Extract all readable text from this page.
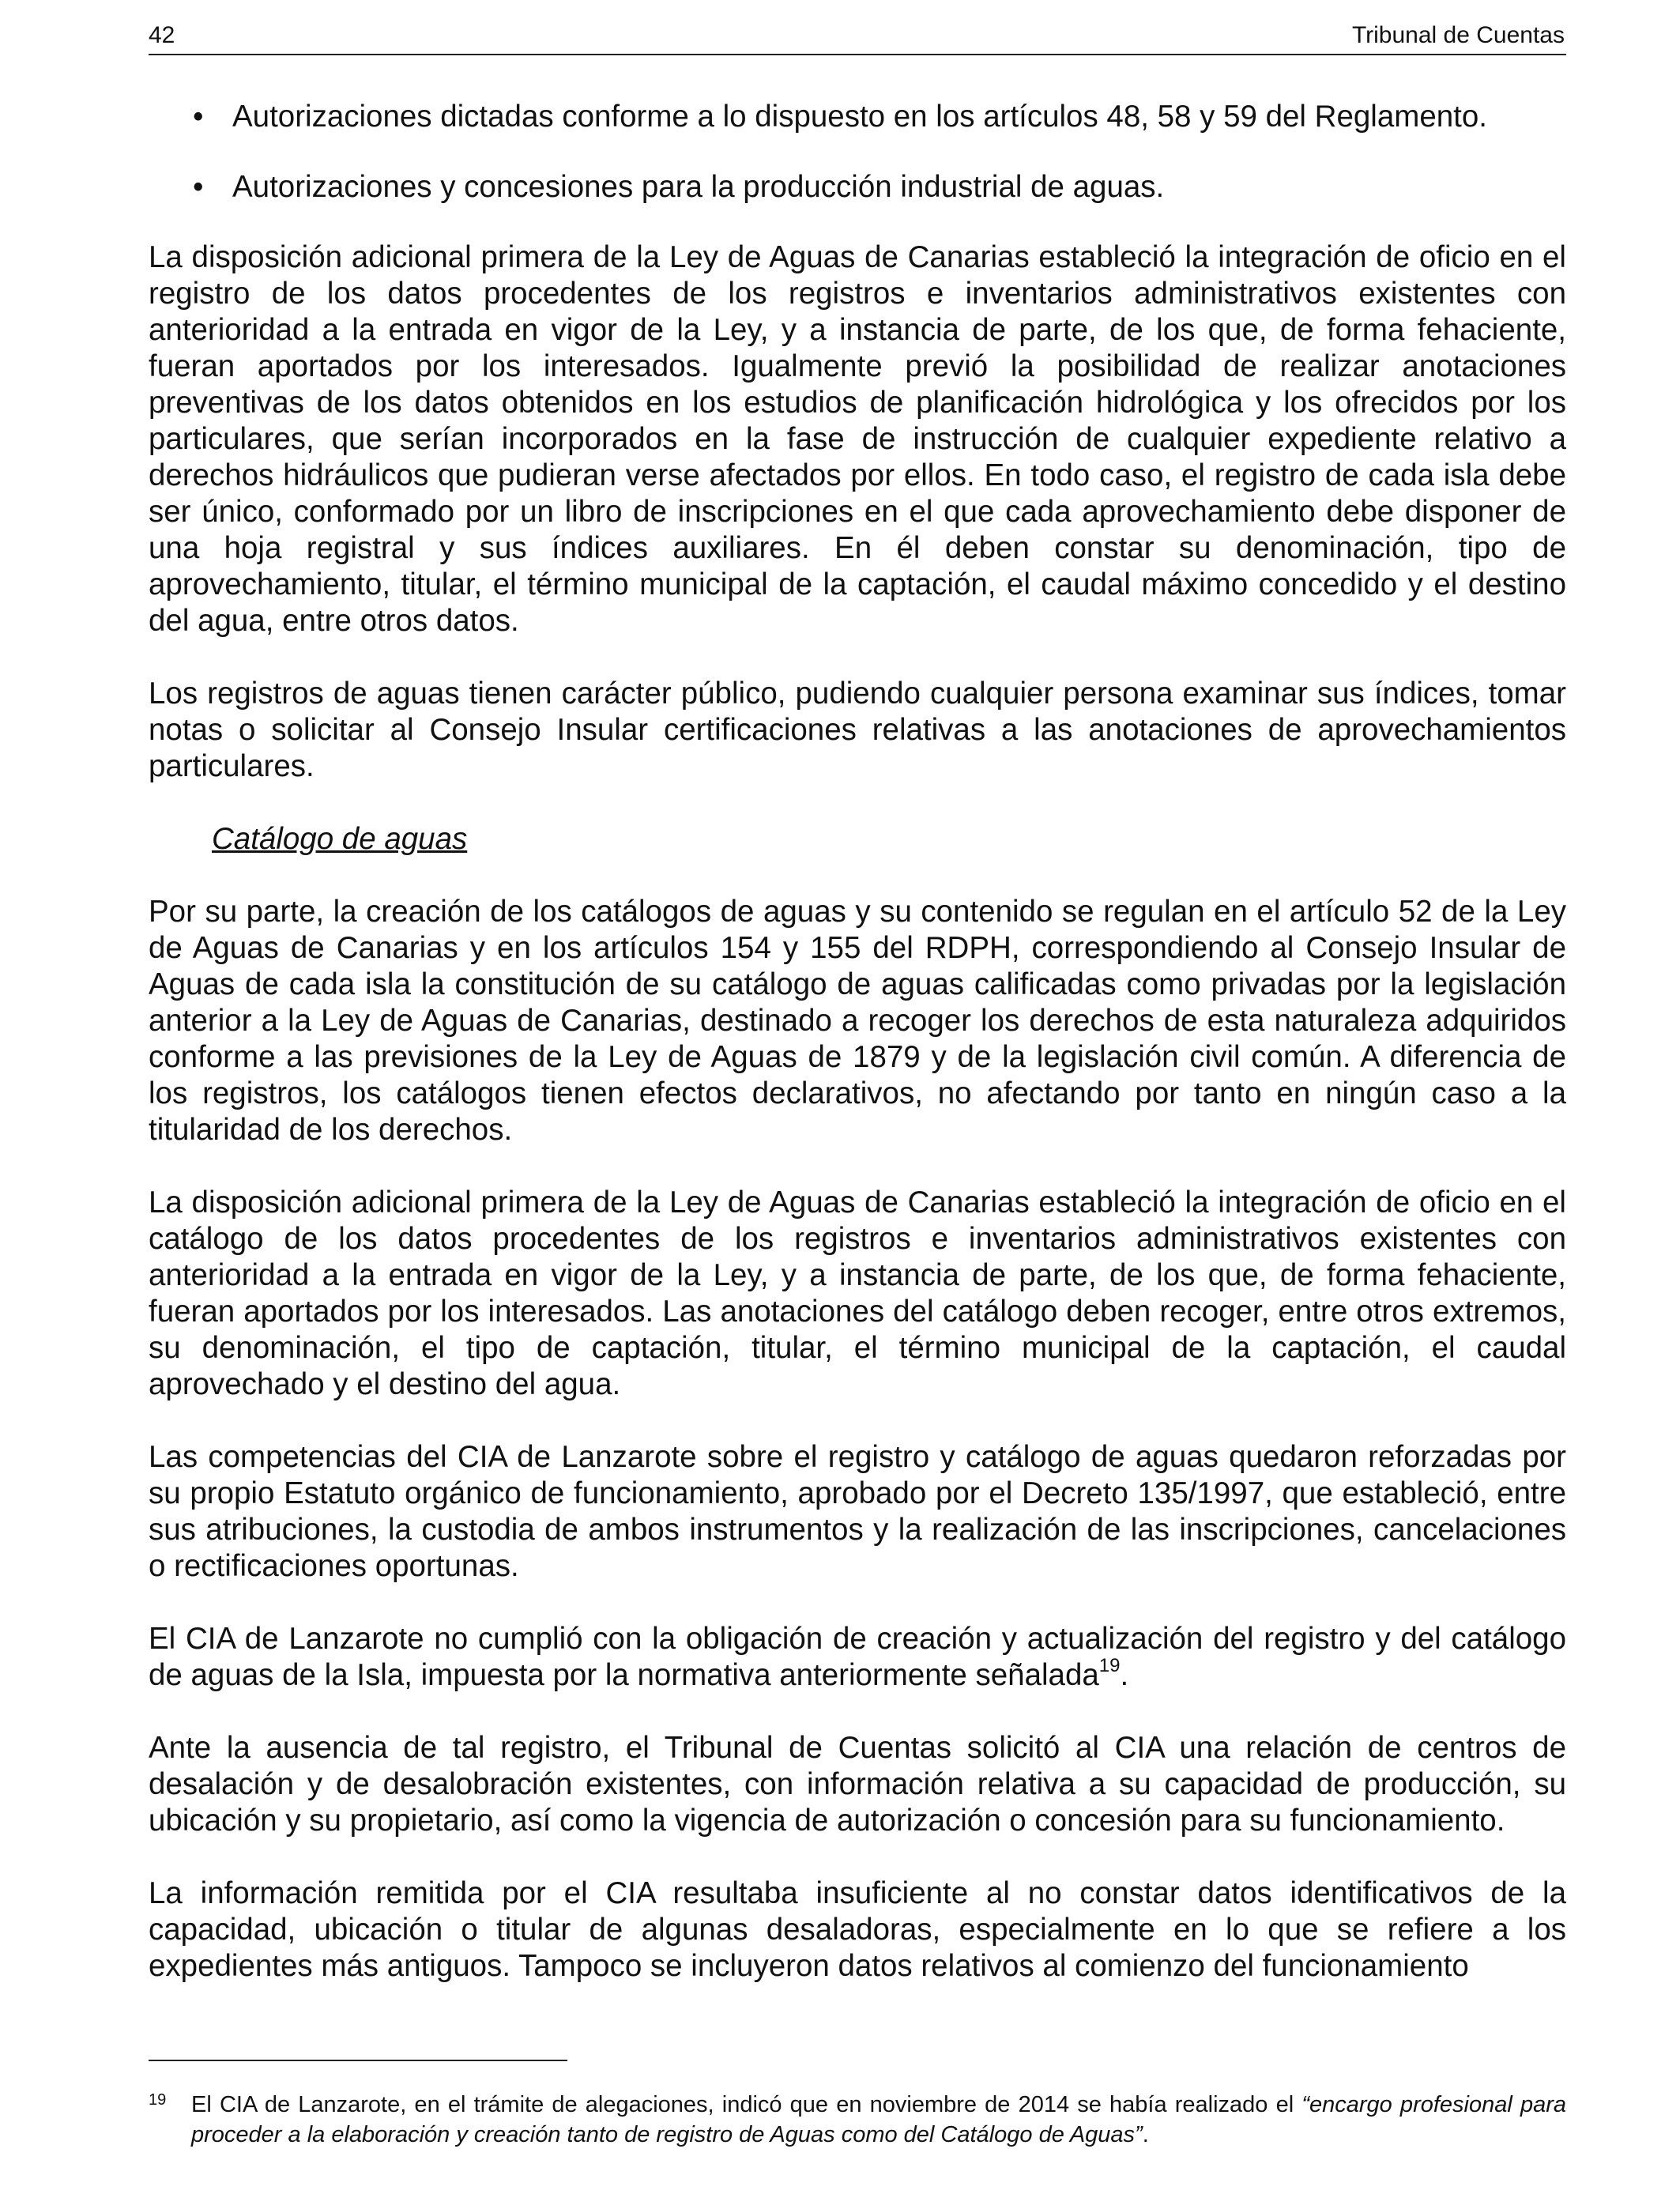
42	Tribunal de Cuentas
• Autorizaciones dictadas conforme a lo dispuesto en los artículos 48, 58 y 59 del Reglamento.
• Autorizaciones y concesiones para la producción industrial de aguas.

La disposición adicional primera de la Ley de Aguas de Canarias estableció la integración de oficio en el registro de los datos procedentes de los registros e inventarios administrativos existentes con anterioridad a la entrada en vigor de la Ley, y a instancia de parte, de los que, de forma fehaciente, fueran aportados por los interesados. Igualmente previó la posibilidad de realizar anotaciones preventivas de los datos obtenidos en los estudios de planificación hidrológica y los ofrecidos por los particulares, que serían incorporados en la fase de instrucción de cualquier expediente relativo a derechos hidráulicos que pudieran verse afectados por ellos. En todo caso, el registro de cada isla debe ser único, conformado por un libro de inscripciones en el que cada aprovechamiento debe disponer de una hoja registral y sus índices auxiliares. En él deben constar su denominación, tipo de aprovechamiento, titular, el término municipal de la captación, el caudal máximo concedido y el destino del agua, entre otros datos.

Los registros de aguas tienen carácter público, pudiendo cualquier persona examinar sus índices, tomar notas o solicitar al Consejo Insular certificaciones relativas a las anotaciones de aprovechamientos particulares.

Catálogo de aguas

Por su parte, la creación de los catálogos de aguas y su contenido se regulan en el artículo 52 de la Ley de Aguas de Canarias y en los artículos 154 y 155 del RDPH, correspondiendo al Consejo Insular de Aguas de cada isla la constitución de su catálogo de aguas calificadas como privadas por la legislación anterior a la Ley de Aguas de Canarias, destinado a recoger los derechos de esta naturaleza adquiridos conforme a las previsiones de la Ley de Aguas de 1879 y de la legislación civil común. A diferencia de los registros, los catálogos tienen efectos declarativos, no afectando por tanto en ningún caso a la titularidad de los derechos.

La disposición adicional primera de la Ley de Aguas de Canarias estableció la integración de oficio en el catálogo de los datos procedentes de los registros e inventarios administrativos existentes con anterioridad a la entrada en vigor de la Ley, y a instancia de parte, de los que, de forma fehaciente, fueran aportados por los interesados. Las anotaciones del catálogo deben recoger, entre otros extremos, su denominación, el tipo de captación, titular, el término municipal de la captación, el caudal aprovechado y el destino del agua.

Las competencias del CIA de Lanzarote sobre el registro y catálogo de aguas quedaron reforzadas por su propio Estatuto orgánico de funcionamiento, aprobado por el Decreto 135/1997, que estableció, entre sus atribuciones, la custodia de ambos instrumentos y la realización de las inscripciones, cancelaciones o rectificaciones oportunas.

El CIA de Lanzarote no cumplió con la obligación de creación y actualización del registro y del catálogo de aguas de la Isla, impuesta por la normativa anteriormente señalada$^{19}$.

Ante la ausencia de tal registro, el Tribunal de Cuentas solicitó al CIA una relación de centros de desalación y de desalobración existentes, con información relativa a su capacidad de producción, su ubicación y su propietario, así como la vigencia de autorización o concesión para su funcionamiento.

La información remitida por el CIA resultaba insuficiente al no constar datos identificativos de la capacidad, ubicación o titular de algunas desaladoras, especialmente en lo que se refiere a los expedientes más antiguos. Tampoco se incluyeron datos relativos al comienzo del funcionamiento

19	El CIA de Lanzarote, en el trámite de alegaciones, indicó que en noviembre de 2014 se había realizado el “encargo profesional para proceder a la elaboración y creación tanto de registro de Aguas como del Catálogo de Aguas”.
